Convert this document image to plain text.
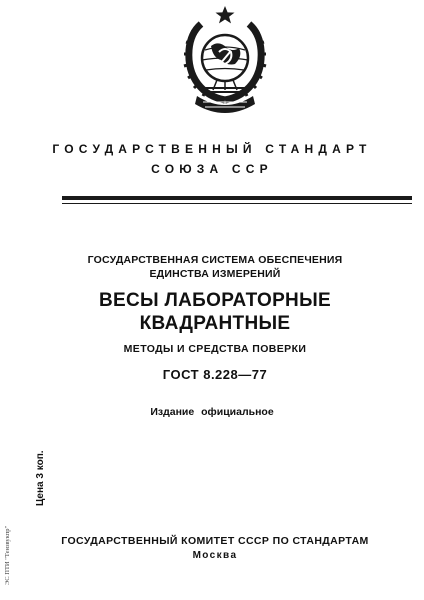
ГОСУДАРСТВЕННЫЙ СТАНДАРТ
СОЮЗА ССР
ГОСУДАРСТВЕННАЯ СИСТЕМА ОБЕСПЕЧЕНИЯ
ЕДИНСТВА ИЗМЕРЕНИЙ
ВЕСЫ ЛАБОРАТОРНЫЕ
КВАДРАНТНЫЕ
МЕТОДЫ И СРЕДСТВА ПОВЕРКИ
ГОСТ 8.228—77
Издание официальное
Цена 3 коп.
ЭС ПТИ "Тензвукпр"	ГОСУДАРСТВЕННЫЙ КОМИТЕТ СССР ПО СТАНДАРТАМ
Москва
